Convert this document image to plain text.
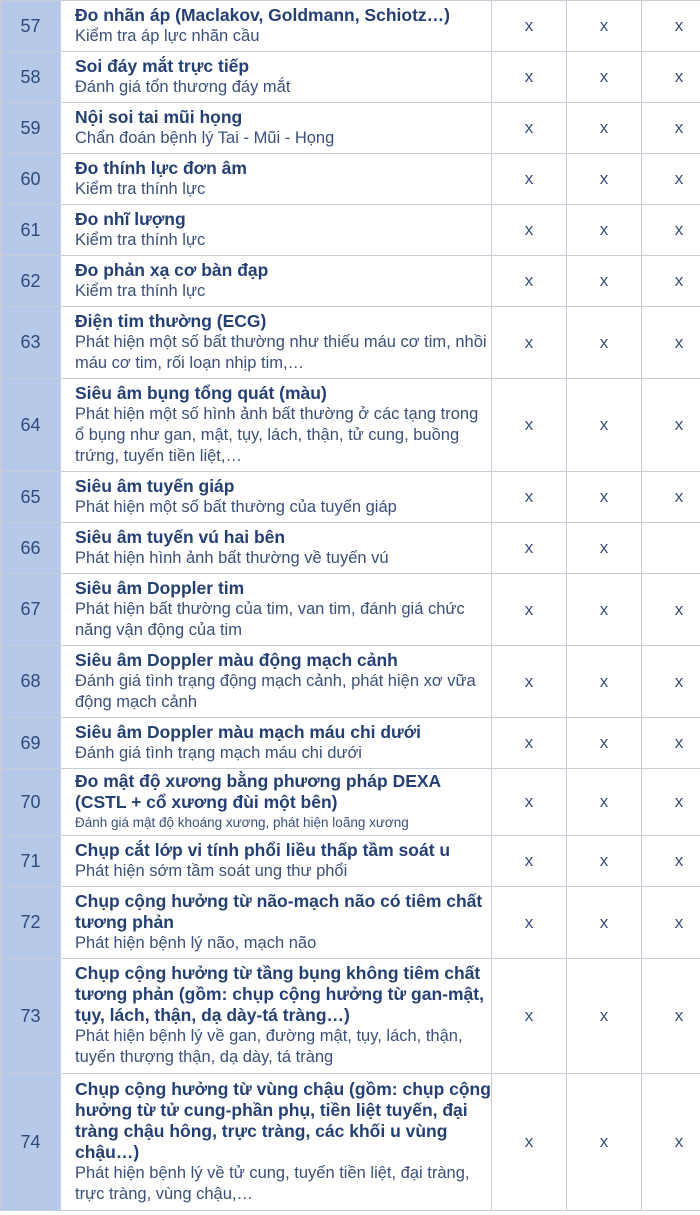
57	Đo nhãn áp (Maclakov, Goldmann, Schiotz…)
Kiểm tra áp lực nhãn cầu	x	x	x
58	Soi đáy mắt trực tiếp
Đánh giá tổn thương đáy mắt	x	x	x
59	Nội soi tai mũi họng
Chẩn đoán bệnh lý Tai - Mũi - Họng	x	x	x
60	Đo thính lực đơn âm
Kiểm tra thính lực	x	x	x
61	Đo nhĩ lượng
Kiểm tra thính lực	x	x	x
62	Đo phản xạ cơ bàn đạp
Kiểm tra thính lực	x	x	x
63	Điện tim thường (ECG)
Phát hiện một số bất thường như thiếu máu cơ tim, nhồi máu cơ tim, rối loạn nhịp tim,…	x	x	x
64	Siêu âm bụng tổng quát (màu)
Phát hiện một số hình ảnh bất thường ở các tạng trong ổ bụng như gan, mật, tụy, lách, thận, tử cung, buồng trứng, tuyến tiền liệt,…	x	x	x
65	Siêu âm tuyến giáp
Phát hiện một số bất thường của tuyến giáp	x	x	x
66	Siêu âm tuyến vú hai bên
Phát hiện hình ảnh bất thường về tuyến vú	x	x	
67	Siêu âm Doppler tim
Phát hiện bất thường của tim, van tim, đánh giá chức năng vận động của tim	x	x	x
68	Siêu âm Doppler màu động mạch cảnh
Đánh giá tình trạng động mạch cảnh, phát hiện xơ vữa động mạch cảnh	x	x	x
69	Siêu âm Doppler màu mạch máu chi dưới
Đánh giá tình trạng mạch máu chi dưới	x	x	x
70	Đo mật độ xương bằng phương pháp DEXA (CSTL + cổ xương đùi một bên)
Đánh giá mật độ khoáng xương, phát hiện loãng xương	x	x	x
71	Chụp cắt lớp vi tính phổi liều thấp tầm soát u
Phát hiện sớm tầm soát ung thư phổi	x	x	x
72	Chụp cộng hưởng từ não-mạch não có tiêm chất tương phản
Phát hiện bệnh lý não, mạch não	x	x	x
73	Chụp cộng hưởng từ tầng bụng không tiêm chất tương phản (gồm: chụp cộng hưởng từ gan-mật, tụy, lách, thận, dạ dày-tá tràng…)
Phát hiện bệnh lý về gan, đường mật, tụy, lách, thận, tuyến thượng thận, dạ dày, tá tràng	x	x	x
74	Chụp cộng hưởng từ vùng chậu (gồm: chụp cộng hưởng từ tử cung-phần phụ, tiền liệt tuyến, đại tràng chậu hông, trực tràng, các khối u vùng chậu…)
Phát hiện bệnh lý về tử cung, tuyến tiền liệt, đại tràng, trực tràng, vùng chậu,…	x	x	x
